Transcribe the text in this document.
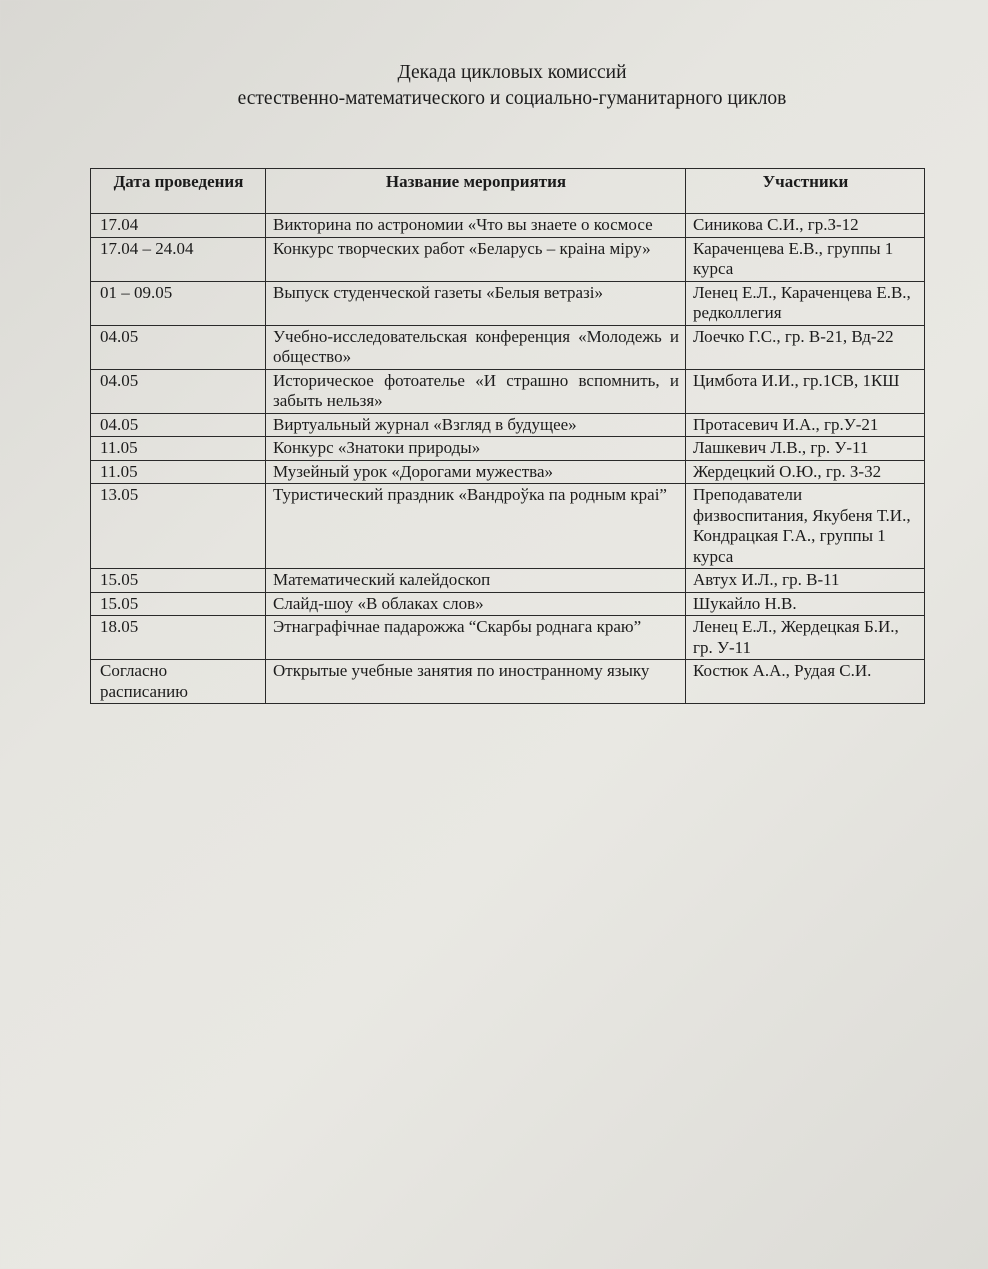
Декада цикловых комиссий
естественно-математического и социально-гуманитарного циклов
Дата проведения	Название мероприятия	Участники
17.04	Викторина по астрономии «Что вы знаете о космосе	Синикова С.И., гр.З-12
17.04 – 24.04	Конкурс творческих работ «Беларусь – краіна міру»	Караченцева Е.В., группы 1 курса
01 – 09.05	Выпуск студенческой газеты «Белыя ветразі»	Ленец Е.Л., Караченцева Е.В., редколлегия
04.05	Учебно-исследовательская конференция «Молодежь и общество»	Лоечко Г.С., гр. В-21, Вд-22
04.05	Историческое фотоателье «И страшно вспомнить, и забыть нельзя»	Цимбота И.И., гр.1СВ, 1КШ
04.05	Виртуальный журнал «Взгляд в будущее»	Протасевич И.А., гр.У-21
11.05	Конкурс «Знатоки природы»	Лашкевич Л.В., гр. У-11
11.05	Музейный урок «Дорогами мужества»	Жердецкий О.Ю., гр. З-32
13.05	Туристический праздник «Вандроўка па родным краі”	Преподаватели физвоспитания, Якубеня Т.И., Кондрацкая Г.А., группы 1 курса
15.05	Математический калейдоскоп	Автух И.Л., гр. В-11
15.05	Слайд-шоу «В облаках слов»	Шукайло Н.В.
18.05	Этнаграфічнае падарожжа “Скарбы роднага краю”	Ленец Е.Л., Жердецкая Б.И., гр. У-11
Согласно расписанию	Открытые учебные занятия по иностранному языку	Костюк А.А., Рудая С.И.
